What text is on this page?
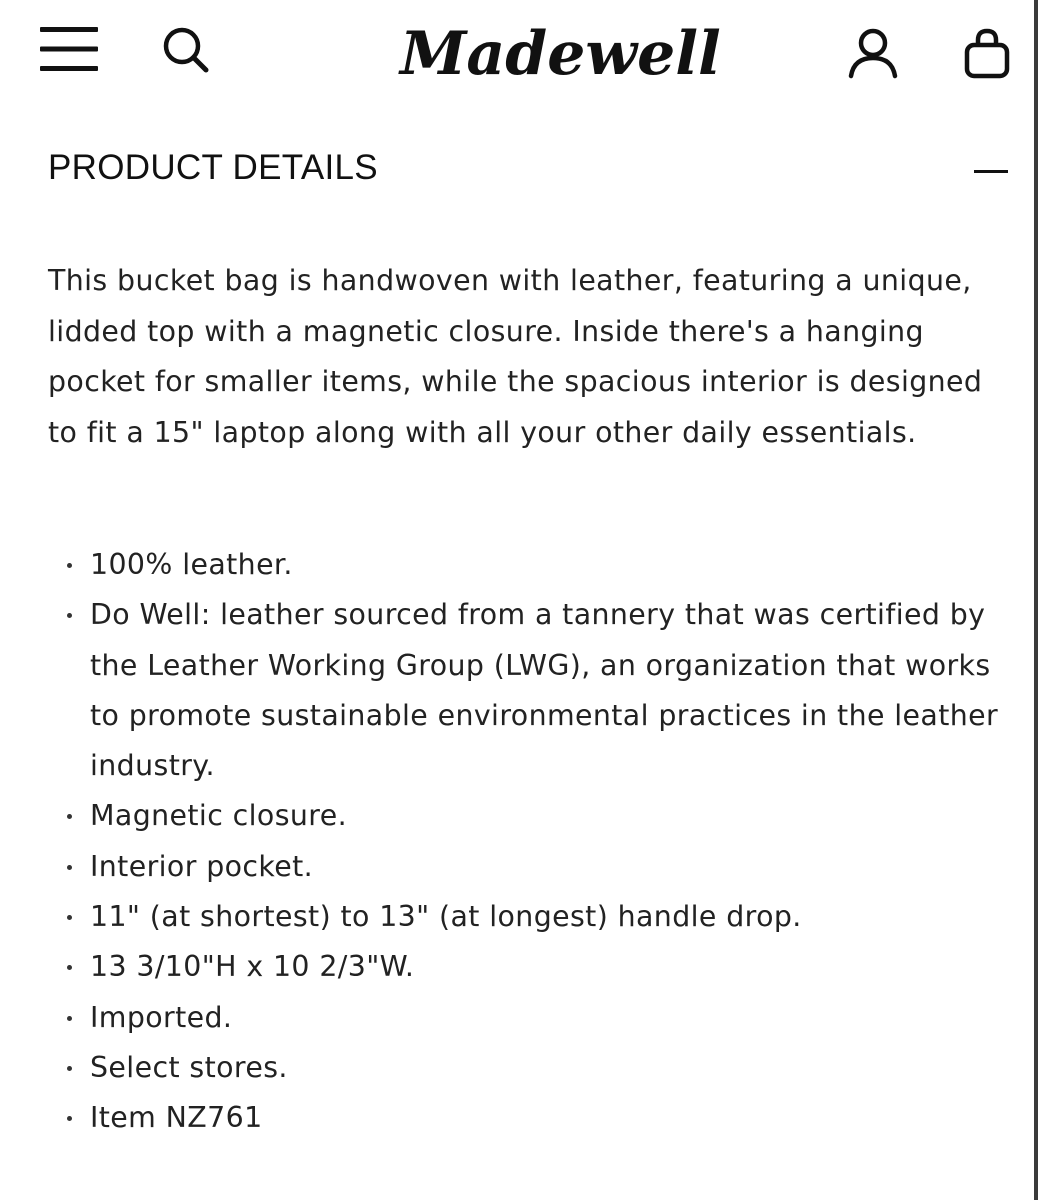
Madewell
PRODUCT DETAILS

This bucket bag is handwoven with leather, featuring a unique, lidded top with a magnetic closure. Inside there's a hanging pocket for smaller items, while the spacious interior is designed to fit a 15" laptop along with all your other daily essentials.

100% leather.
Do Well: leather sourced from a tannery that was certified by the Leather Working Group (LWG), an organization that works to promote sustainable environmental practices in the leather industry.
Magnetic closure.
Interior pocket.
11" (at shortest) to 13" (at longest) handle drop.
13 3/10"H x 10 2/3"W.
Imported.
Select stores.
Item NZ761
